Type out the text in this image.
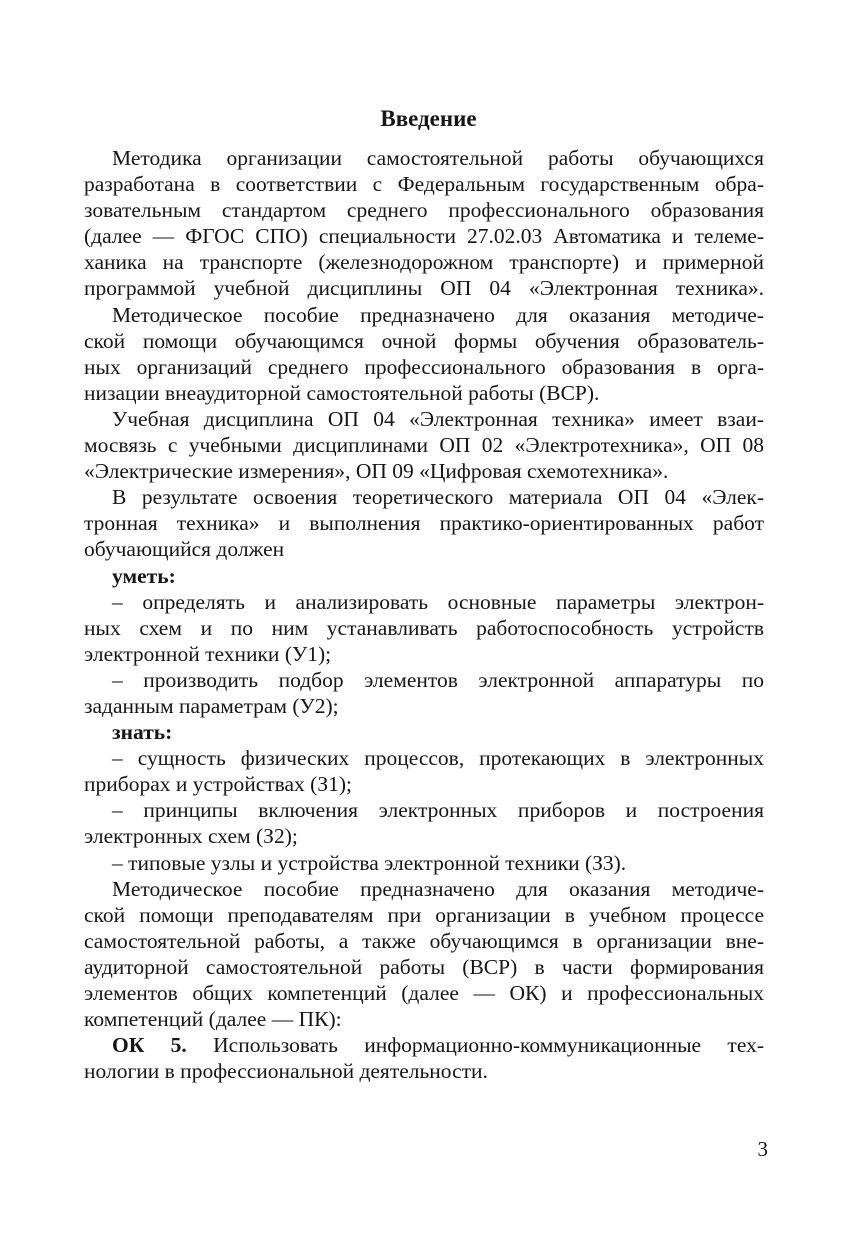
Введение
Методика организации самостоятельной работы обучающихся
разработана в соответствии с Федеральным государственным обра-
зовательным стандартом среднего профессионального образования
(далее — ФГОС СПО) специальности 27.02.03 Автоматика и телеме-
ханика на транспорте (железнодорожном транспорте) и примерной
программой учебной дисциплины ОП 04 «Электронная техника».
Методическое пособие предназначено для оказания методиче-
ской помощи обучающимся очной формы обучения образователь-
ных организаций среднего профессионального образования в орга-
низации внеаудиторной самостоятельной работы (ВСР).
Учебная дисциплина ОП 04 «Электронная техника» имеет взаи-
мосвязь с учебными дисциплинами ОП 02 «Электротехника», ОП 08
«Электрические измерения», ОП 09 «Цифровая схемотехника».
В результате освоения теоретического материала ОП 04 «Элек-
тронная техника» и выполнения практико-ориентированных работ
обучающийся должен
уметь:
– определять и анализировать основные параметры электрон-
ных схем и по ним устанавливать работоспособность устройств
электронной техники (У1);
– производить подбор элементов электронной аппаратуры по
заданным параметрам (У2);
знать:
– сущность физических процессов, протекающих в электронных
приборах и устройствах (З1);
– принципы включения электронных приборов и построения
электронных схем (З2);
– типовые узлы и устройства электронной техники (З3).
Методическое пособие предназначено для оказания методиче-
ской помощи преподавателям при организации в учебном процессе
самостоятельной работы, а также обучающимся в организации вне-
аудиторной самостоятельной работы (ВСР) в части формирования
элементов общих компетенций (далее — ОК) и профессиональных
компетенций (далее — ПК):
ОК 5. Использовать информационно-коммуникационные тех-
нологии в профессиональной деятельности.
3
